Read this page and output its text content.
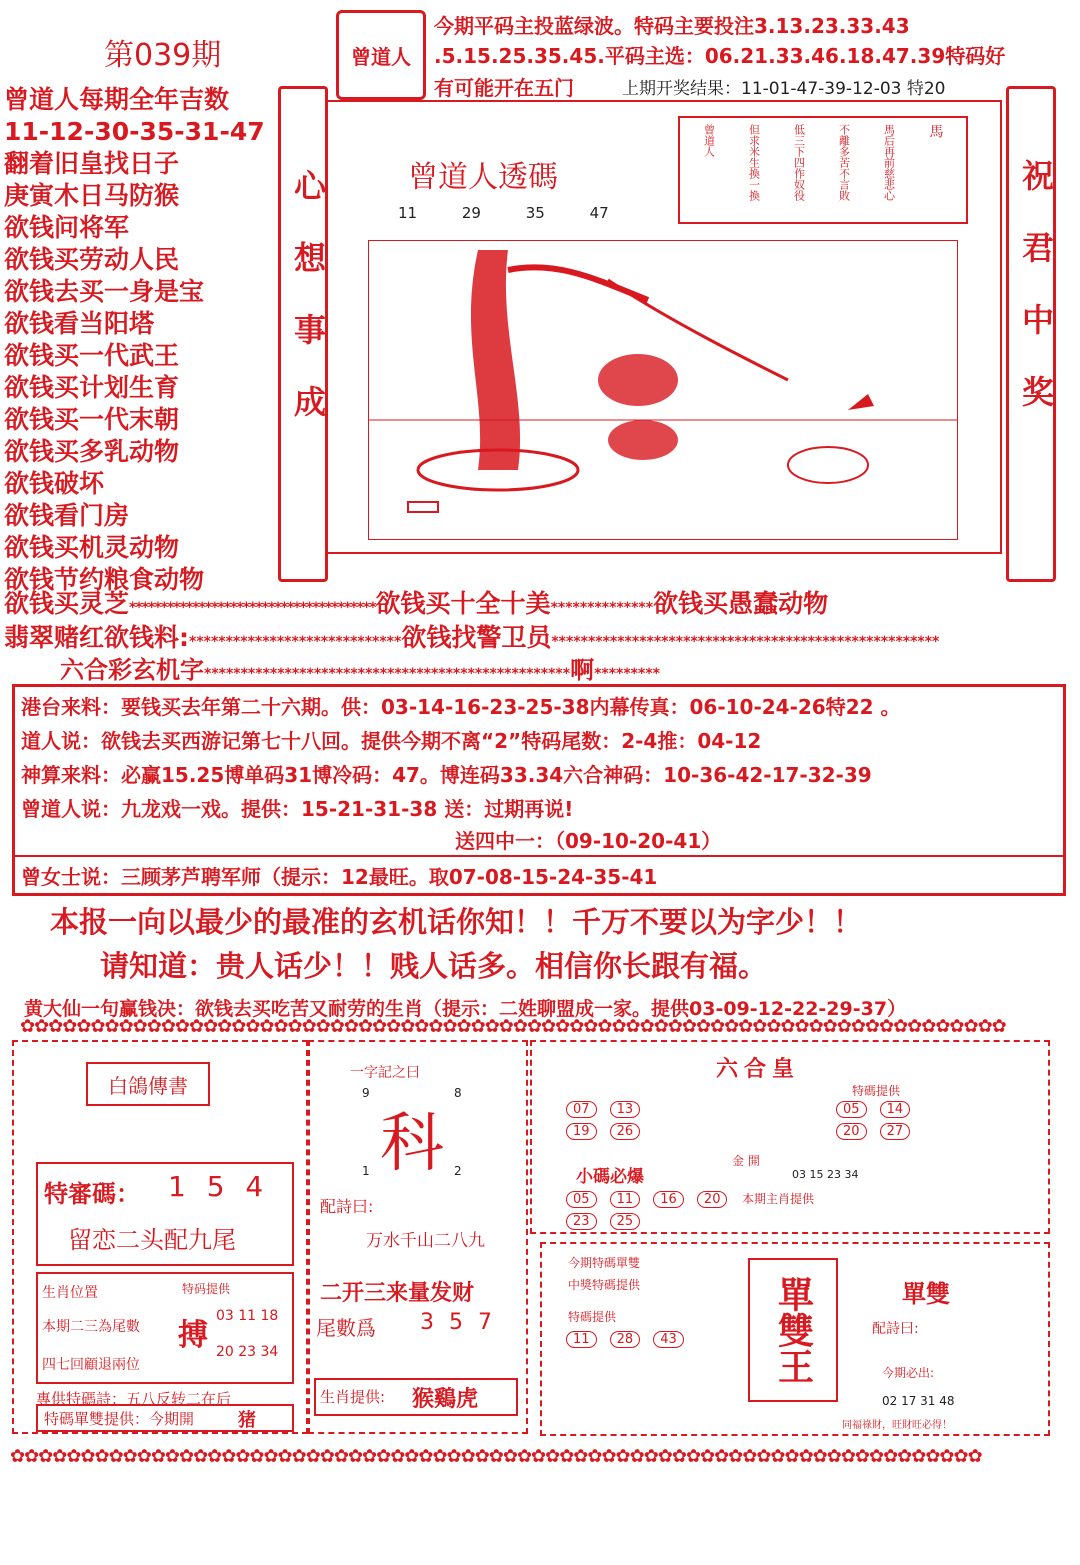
第039期	曾道人
今期平码主投蓝绿波。特码主要投注3.13.23.33.43
.5.15.25.35.45.平码主选：06.21.33.46.18.47.39特码好
有可能开在五门	上期开奖结果：11-01-47-39-12-03 特20
曾道人每期全年吉数
11-12-30-35-31-47
翻着旧皇找日子
庚寅木日马防猴
欲钱问将军
欲钱买劳动人民
欲钱去买一身是宝
欲钱看当阳塔
欲钱买一代武王
欲钱买计划生育
欲钱买一代末朝
欲钱买多乳动物
欲钱破坏
欲钱看门房
欲钱买机灵动物
欲钱节约粮食动物
心想事成	祝君中奖
曾道人透碼
11	29	35	47
馬
馬后再前慈悲心
不離多苦不言敗
低三下四作奴役
但求米生換一換
曾道人
欲钱买灵芝***************************************欲钱买十全十美**************欲钱买愚蠢动物
翡翠赌红欲钱料:*****************************欲钱找警卫员*****************************************************
六合彩玄机字**************************************************啊*********
港台来料：要钱买去年第二十六期。供：03-14-16-23-25-38内幕传真：06-10-24-26特22 。
道人说：欲钱去买西游记第七十八回。提供今期不离“2”特码尾数：2-4推：04-12
神算来料：必赢15.25博单码31博冷码：47。博连码33.34六合神码：10-36-42-17-32-39
曾道人说：九龙戏一戏。提供：15-21-31-38 送：过期再说!
送四中一：（09-10-20-41）
曾女士说：三顾茅芦聘军师（提示：12最旺。取07-08-15-24-35-41
本报一向以最少的最准的玄机话你知！！千万不要以为字少！！
请知道：贵人话少！！贱人话多。相信你长跟有福。
黄大仙一句赢钱决：欲钱去买吃苦又耐劳的生肖（提示：二姓聊盟成一家。提供03-09-12-22-29-37）
✿✿✿✿✿✿✿✿✿✿✿✿✿✿✿✿✿✿✿✿✿✿✿✿✿✿✿✿✿✿✿✿✿✿✿✿✿✿✿✿✿✿✿✿✿✿✿✿✿✿✿✿✿✿✿✿✿✿✿✿✿✿✿✿✿✿✿✿✿✿
白鴿傳書
特審碼： 1 5 4
留恋二头配九尾
生肖位置
本期二三為尾數
四七回顧退兩位
特码提供
搏
03 11 18
20 23 34
專供特碼詩：五八反转二在后
特碼單雙提供：今期開 猪
一字記之曰
9	8
科
1	2
配詩曰:
万水千山二八九
二开三来量发财
尾數爲 3 5 7
生肖提供: 猴鷄虎
六合皇
07 13 19 26
金 開
特碼提供
05 14 20 27
03 15 23 34
小碼必爆
05 11 16 20 23 25
本期主肖提供
今期特碼單雙
中獎特碼提供
特碼提供
11 28 43	單雙王	單雙
配詩曰:
今期必出:
02 17 31 48
同福祿財，旺財旺必得！
✿✿✿✿✿✿✿✿✿✿✿✿✿✿✿✿✿✿✿✿✿✿✿✿✿✿✿✿✿✿✿✿✿✿✿✿✿✿✿✿✿✿✿✿✿✿✿✿✿✿✿✿✿✿✿✿✿✿✿✿✿✿✿✿✿✿✿✿✿
